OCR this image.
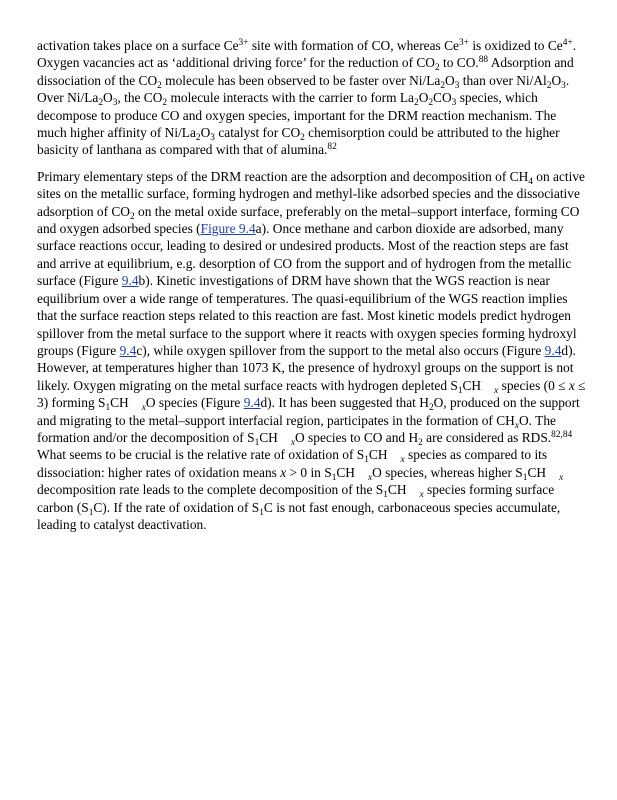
activation takes place on a surface $Ce^{3+}$ site with formation of CO, whereas $Ce^{3+}$ is oxidized to $Ce^{4+}$. Oxygen vacancies act as ‘additional driving force’ for the reduction of $CO_2$ to CO.$^{88}$ Adsorption and dissociation of the $CO_2$ molecule has been observed to be faster over $Ni/La_2O_3$ than over $Ni/Al_2O_3$. Over $Ni/La_2O_3$, the $CO_2$ molecule interacts with the carrier to form $La_2O_2CO_3$ species, which decompose to produce CO and oxygen species, important for the DRM reaction mechanism. The much higher affinity of $Ni/La_2O_3$ catalyst for $CO_2$ chemisorption could be attributed to the higher basicity of lanthana as compared with that of alumina.$^{82}$

Primary elementary steps of the DRM reaction are the adsorption and decomposition of $CH_4$ on active sites on the metallic surface, forming hydrogen and methyl-like adsorbed species and the dissociative adsorption of $CO_2$ on the metal oxide surface, preferably on the metal–support interface, forming CO and oxygen adsorbed species (Figure 9.4a). Once methane and carbon dioxide are adsorbed, many surface reactions occur, leading to desired or undesired products. Most of the reaction steps are fast and arrive at equilibrium, e.g. desorption of CO from the support and of hydrogen from the metallic surface (Figure 9.4b). Kinetic investigations of DRM have shown that the WGS reaction is near equilibrium over a wide range of temperatures. The quasi-equilibrium of the WGS reaction implies that the surface reaction steps related to this reaction are fast. Most kinetic models predict hydrogen spillover from the metal surface to the support where it reacts with oxygen species forming hydroxyl groups (Figure 9.4c), while oxygen spillover from the support to the metal also occurs (Figure 9.4d). However, at temperatures higher than 1073 K, the presence of hydroxyl groups on the support is not likely. Oxygen migrating on the metal surface reacts with hydrogen depleted $S_1CH$ $_x$ species (0 ≤ x ≤ 3) forming $S_1CH$ $_x$O species (Figure 9.4d). It has been suggested that $H_2O$, produced on the support and migrating to the metal–support interfacial region, participates in the formation of $CH_xO$. The formation and/or the decomposition of $S_1CH$ $_x$O species to CO and $H_2$ are considered as RDS.$^{82,84}$ What seems to be crucial is the relative rate of oxidation of $S_1CH$ $_x$ species as compared to its dissociation: higher rates of oxidation means x > 0 in $S_1CH$ $_x$O species, whereas higher $S_1CH$ $_x$ decomposition rate leads to the complete decomposition of the $S_1CH$ $_x$ species forming surface carbon $(S_1C)$. If the rate of oxidation of $S_1C$ is not fast enough, carbonaceous species accumulate, leading to catalyst deactivation.
